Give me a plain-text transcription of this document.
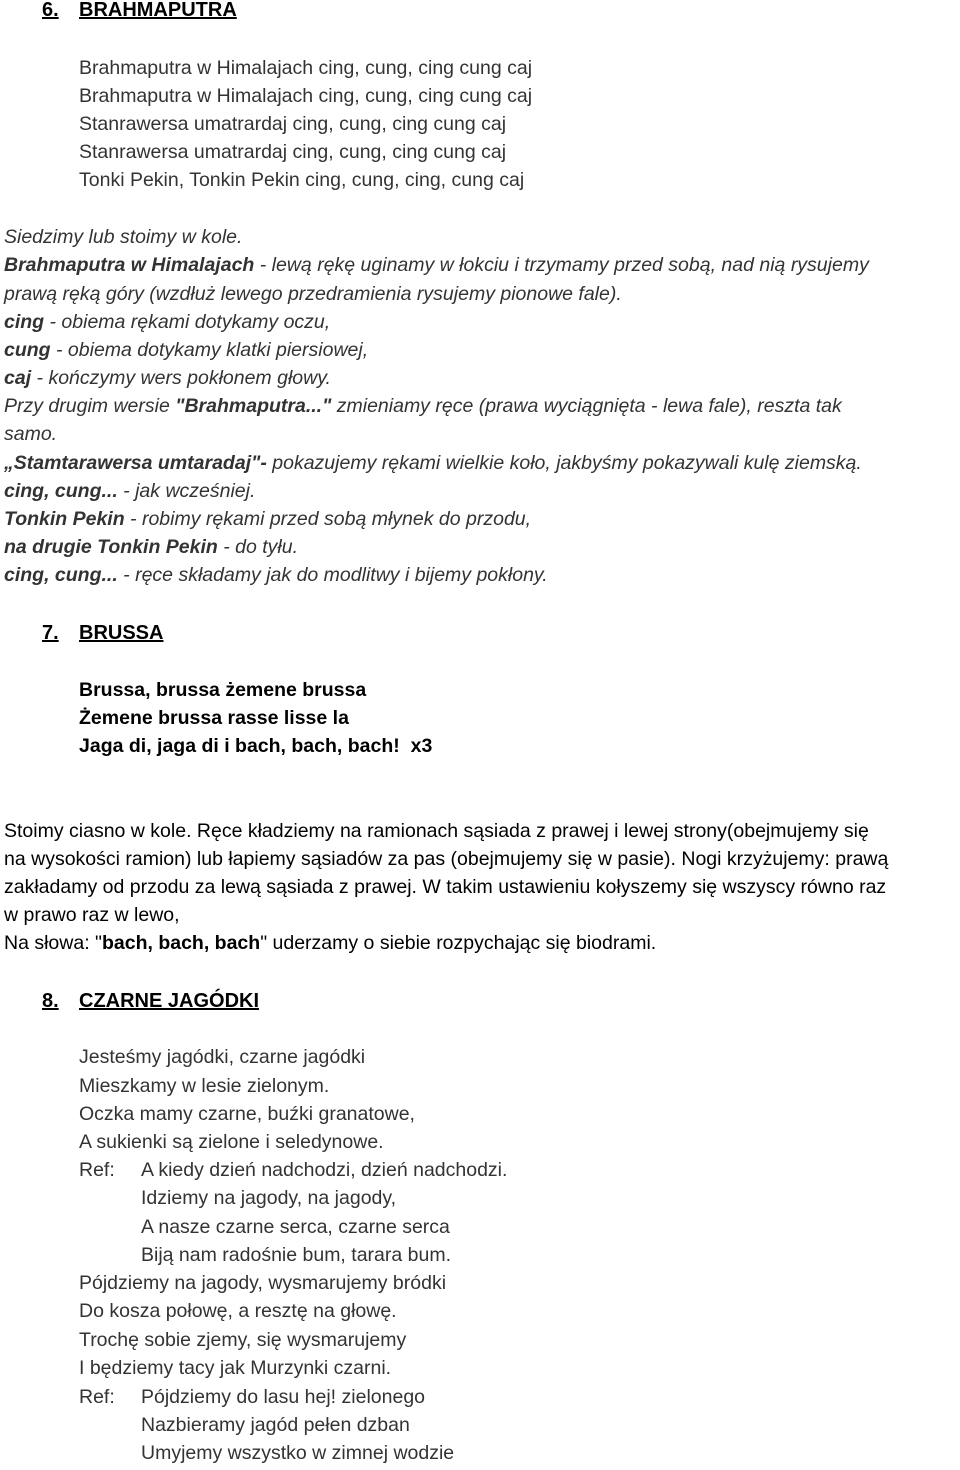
6. BRAHMAPUTRA
Brahmaputra w Himalajach cing, cung, cing cung caj
Brahmaputra w Himalajach cing, cung, cing cung caj
Stanrawersa umatrardaj cing, cung, cing cung caj
Stanrawersa umatrardaj cing, cung, cing cung caj
Tonki Pekin, Tonkin Pekin cing, cung, cing, cung caj
Siedzimy lub stoimy w kole.
Brahmaputra w Himalajach - lewą rękę uginamy w łokciu i trzymamy przed sobą, nad nią rysujemy
prawą ręką góry (wzdłuż lewego przedramienia rysujemy pionowe fale).
cing - obiema rękami dotykamy oczu,
cung - obiema dotykamy klatki piersiowej,
caj - kończymy wers pokłonem głowy.
Przy drugim wersie "Brahmaputra..." zmieniamy ręce (prawa wyciągnięta - lewa fale), reszta tak
samo.
„Stamtarawersa umtaradaj"- pokazujemy rękami wielkie koło, jakbyśmy pokazywali kulę ziemską.
cing, cung... - jak wcześniej.
Tonkin Pekin - robimy rękami przed sobą młynek do przodu,
na drugie Tonkin Pekin - do tyłu.
cing, cung... - ręce składamy jak do modlitwy i bijemy pokłony.
7. BRUSSA
Brussa, brussa żemene brussa
Żemene brussa rasse lisse la
Jaga di, jaga di i bach, bach, bach! x3
Stoimy ciasno w kole. Ręce kładziemy na ramionach sąsiada z prawej i lewej strony(obejmujemy się
na wysokości ramion) lub łapiemy sąsiadów za pas (obejmujemy się w pasie). Nogi krzyżujemy: prawą
zakładamy od przodu za lewą sąsiada z prawej. W takim ustawieniu kołyszemy się wszyscy równo raz
w prawo raz w lewo,
Na słowa: "bach, bach, bach" uderzamy o siebie rozpychając się biodrami.
8. CZARNE JAGÓDKI
Jesteśmy jagódki, czarne jagódki
Mieszkamy w lesie zielonym.
Oczka mamy czarne, buźki granatowe,
A sukienki są zielone i seledynowe.
Ref: A kiedy dzień nadchodzi, dzień nadchodzi.
Idziemy na jagody, na jagody,
A nasze czarne serca, czarne serca
Biją nam radośnie bum, tarara bum.
Pójdziemy na jagody, wysmarujemy bródki
Do kosza połowę, a resztę na głowę.
Trochę sobie zjemy, się wysmarujemy
I będziemy tacy jak Murzynki czarni.
Ref: Pójdziemy do lasu hej! zielonego
Nazbieramy jagód pełen dzban
Umyjemy wszystko w zimnej wodzie
